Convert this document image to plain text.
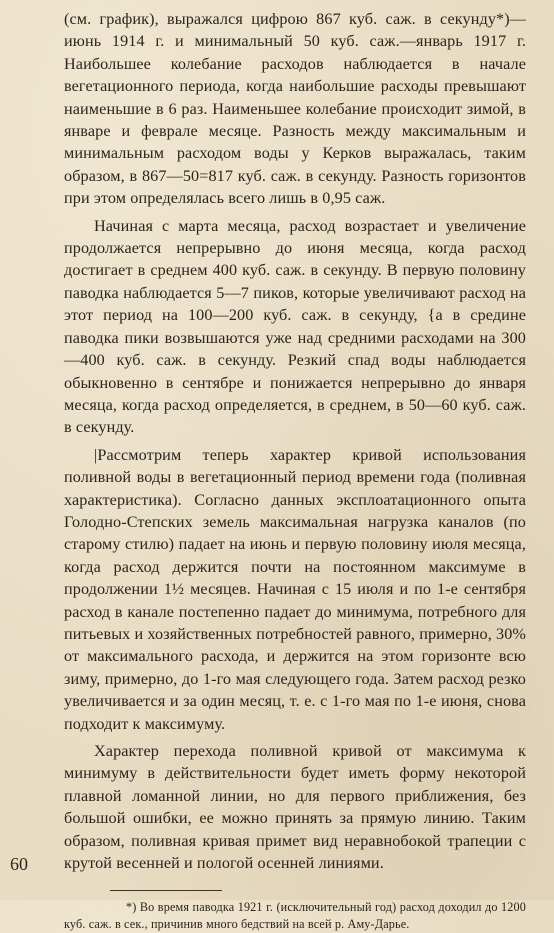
(см. график), выражался цифрою 867 куб. саж. в секунду*)—июнь 1914 г. и минимальный 50 куб. саж.—январь 1917 г. Наибольшее колебание расходов наблюдается в начале вегетационного периода, когда наибольшие расходы превышают наименьшие в 6 раз. Наименьшее колебание происходит зимой, в январе и феврале месяце. Разность между максимальным и минимальным расходом воды у Керков выражалась, таким образом, в 867—50=817 куб. саж. в секунду. Разность горизонтов при этом определялась всего лишь в 0,95 саж.

Начиная с марта месяца, расход возрастает и увеличение продолжается непрерывно до июня месяца, когда расход достигает в среднем 400 куб. саж. в секунду. В первую половину паводка наблюдается 5—7 пиков, которые увеличивают расход на этот период на 100—200 куб. саж. в секунду, {а в средине паводка пики возвышаются уже над средними расходами на 300—400 куб. саж. в секунду. Резкий спад воды наблюдается обыкновенно в сентябре и понижается непрерывно до января месяца, когда расход определяется, в среднем, в 50—60 куб. саж. в секунду.

|Рассмотрим теперь характер кривой использования поливной воды в вегетационный период времени года (поливная характеристика). Согласно данных эксплоатационного опыта Голодно-Степских земель максимальная нагрузка каналов (по старому стилю) падает на июнь и первую половину июля месяца, когда расход держится почти на постоянном максимуме в продолжении 1½ месяцев. Начиная с 15 июля и по 1-е сентября расход в канале постепенно падает до минимума, потребного для питьевых и хозяйственных потребностей равного, примерно, 30% от максимального расхода, и держится на этом горизонте всю зиму, примерно, до 1-го мая следующего года. Затем расход резко увеличивается и за один месяц, т. е. с 1-го мая по 1-е июня, снова подходит к максимуму.

Характер перехода поливной кривой от максимума к минимуму в действительности будет иметь форму некоторой плавной ломанной линии, но для первого приближения, без большой ошибки, ее можно принять за прямую линию. Таким образом, поливная кривая примет вид неравнобокой трапеции с крутой весенней и пологой осенней линиями.

*) Во время паводка 1921 г. (исключительный год) расход доходил до 1200 куб. саж. в сек., причинив много бедствий на всей р. Аму-Дарье.

60
